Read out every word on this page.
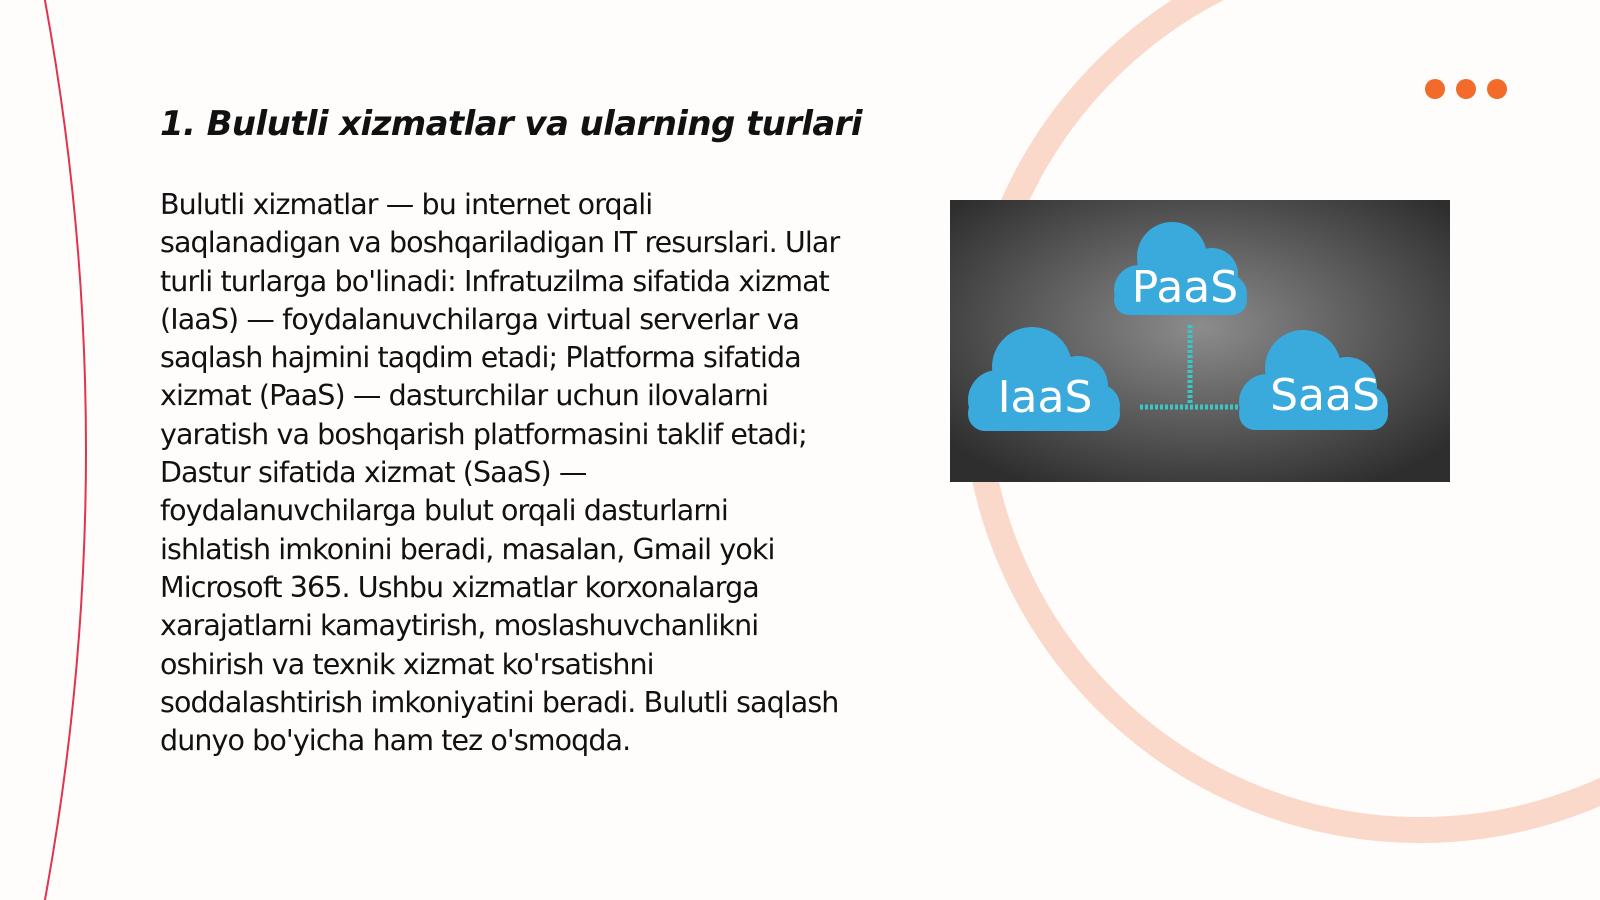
1. Bulutli xizmatlar va ularning turlari

Bulutli xizmatlar — bu internet orqali saqlanadigan va boshqariladigan IT resurslari. Ular turli turlarga bo'linadi: Infratuzilma sifatida xizmat (IaaS) — foydalanuvchilarga virtual serverlar va saqlash hajmini taqdim etadi; Platforma sifatida xizmat (PaaS) — dasturchilar uchun ilovalarni yaratish va boshqarish platformasini taklif etadi; Dastur sifatida xizmat (SaaS) — foydalanuvchilarga bulut orqali dasturlarni ishlatish imkonini beradi, masalan, Gmail yoki Microsoft 365. Ushbu xizmatlar korxonalarga xarajatlarni kamaytirish, moslashuvchanlikni oshirish va texnik xizmat ko'rsatishni soddalashtirish imkoniyatini beradi. Bulutli saqlash dunyo bo'yicha ham tez o'smoqda.

PaaS
IaaS	SaaS
